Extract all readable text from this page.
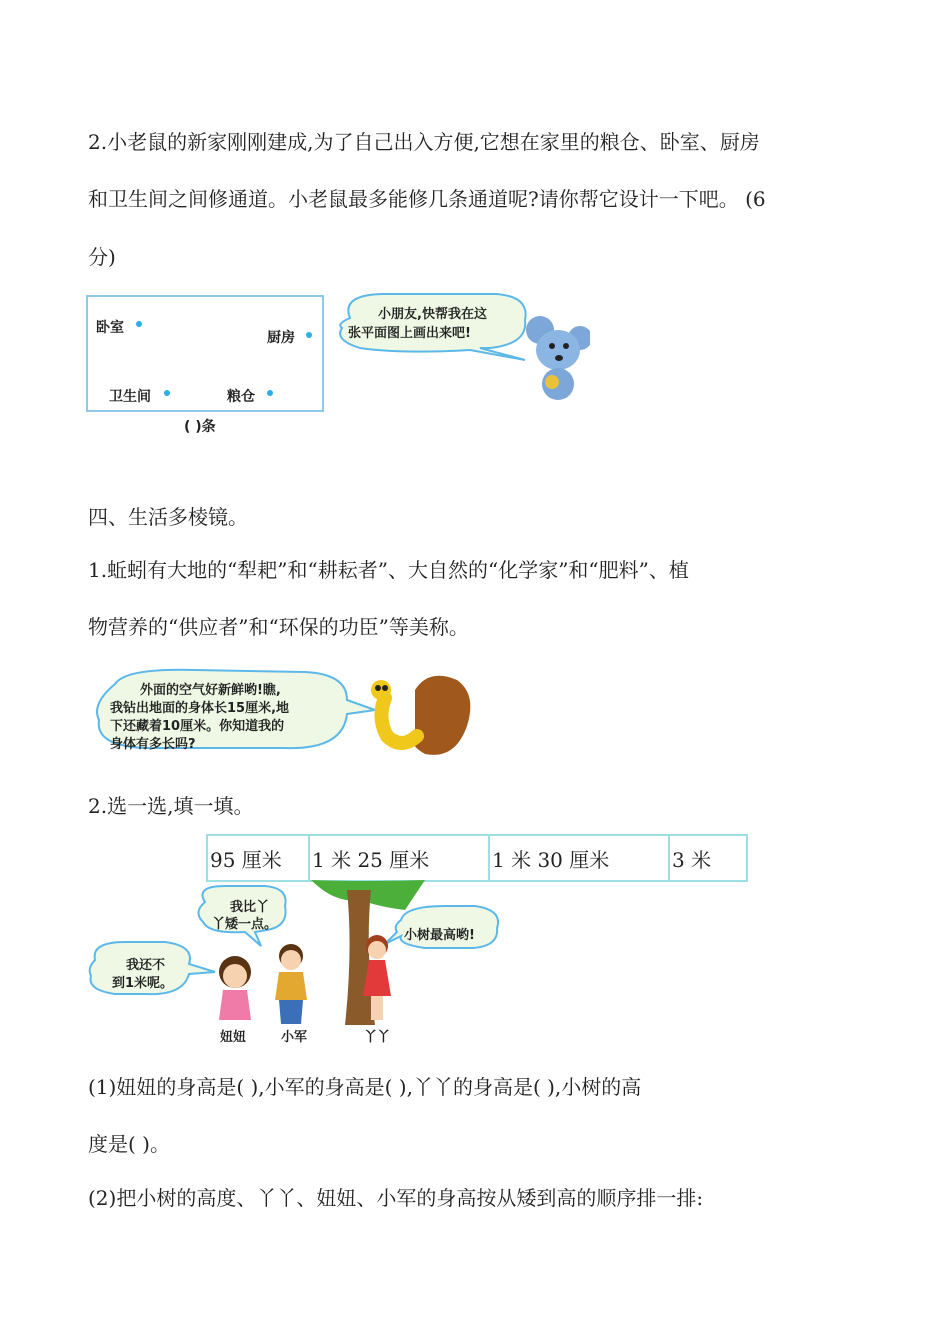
2.小老鼠的新家刚刚建成,为了自己出入方便,它想在家里的粮仓、卧室、厨房
和卫生间之间修通道。小老鼠最多能修几条通道呢?请你帮它设计一下吧。 (6
分)
卧室
厨房
卫生间	粮仓
( )条
小朋友,快帮我在这
张平面图上画出来吧!
四、生活多棱镜。
1.蚯蚓有大地的“犁耙”和“耕耘者”、大自然的“化学家”和“肥料”、植
物营养的“供应者”和“环保的功臣”等美称。
外面的空气好新鲜哟!瞧,
我钻出地面的身体长15厘米,地
下还藏着10厘米。你知道我的
身体有多长吗?
2.选一选,填一填。
95 厘米	1 米 25 厘米	1 米 30 厘米	3 米
我比丫
丫矮一点。
小树最高哟!
我还不
到1米呢。
妞妞	小军	丫丫
(1)妞妞的身高是( ),小军的身高是( ),丫丫的身高是( ),小树的高
度是( )。
(2)把小树的高度、丫丫、妞妞、小军的身高按从矮到高的顺序排一排:
